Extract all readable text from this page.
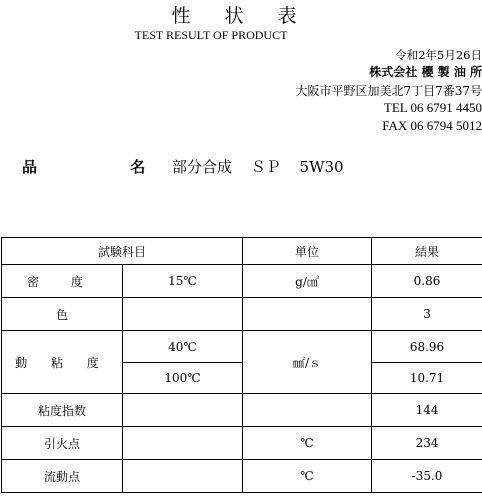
性 状 表
TEST RESULT OF PRODUCT
令和2年5月26日
株式会社 櫻 製 油 所
大阪市平野区加美北7丁目7番37号
TEL 06 6791 4450
FAX 06 6794 5012
品 名
部分合成 ＳＰ 5W30
試験科目		単位	結果
密 度	15℃	g/㎤	0.86
色			3
動 粘 度	40℃	㎟/ｓ	68.96
	100℃		10.71
粘度指数			144
引火点		℃	234
流動点		℃	-35.0
